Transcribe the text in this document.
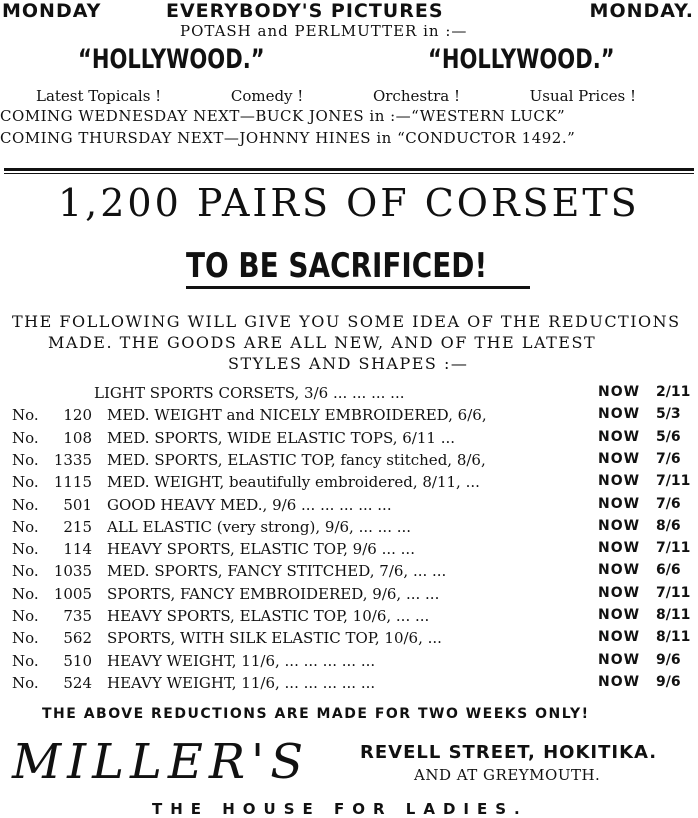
MONDAY	EVERYBODY'S PICTURES	MONDAY.
POTASH and PERLMUTTER in :—
“HOLLYWOOD.”	“HOLLYWOOD.”
Latest Topicals !	Comedy !	Orchestra !	Usual Prices !
COMING WEDNESDAY NEXT—BUCK JONES in :—“WESTERN LUCK”
COMING THURSDAY NEXT—JOHNNY HINES in “CONDUCTOR 1492.”
1,200 PAIRS OF CORSETS
TO BE SACRIFICED!
THE FOLLOWING WILL GIVE YOU SOME IDEA OF THE REDUCTIONS
MADE. THE GOODS ARE ALL NEW, AND OF THE LATEST
STYLES AND SHAPES :—
LIGHT SPORTS CORSETS, 3/6 ... ... ... ...	NOW 2/11
No.	120 MED. WEIGHT and NICELY EMBROIDERED, 6/6,	NOW 5/3
No.	108 MED. SPORTS, WIDE ELASTIC TOPS, 6/11 ...	NOW 5/6
No.	1335 MED. SPORTS, ELASTIC TOP, fancy stitched, 8/6,	NOW 7/6
No.	1115 MED. WEIGHT, beautifully embroidered, 8/11, ...	NOW 7/11
No.	501 GOOD HEAVY MED., 9/6 ... ... ... ... ...	NOW 7/6
No.	215 ALL ELASTIC (very strong), 9/6, ... ... ...	NOW 8/6
No.	114 HEAVY SPORTS, ELASTIC TOP, 9/6 ... ...	NOW 7/11
No.	1035 MED. SPORTS, FANCY STITCHED, 7/6, ... ...	NOW 6/6
No.	1005 SPORTS, FANCY EMBROIDERED, 9/6, ... ...	NOW 7/11
No.	735 HEAVY SPORTS, ELASTIC TOP, 10/6, ... ...	NOW 8/11
No.	562 SPORTS, WITH SILK ELASTIC TOP, 10/6, ...	NOW 8/11
No.	510 HEAVY WEIGHT, 11/6, ... ... ... ... ...	NOW 9/6
No.	524 HEAVY WEIGHT, 11/6, ... ... ... ... ...	NOW 9/6
THE ABOVE REDUCTIONS ARE MADE FOR TWO WEEKS ONLY!
MILLER'S	REVELL STREET, HOKITIKA.
AND AT GREYMOUTH.
THE HOUSE FOR LADIES.
